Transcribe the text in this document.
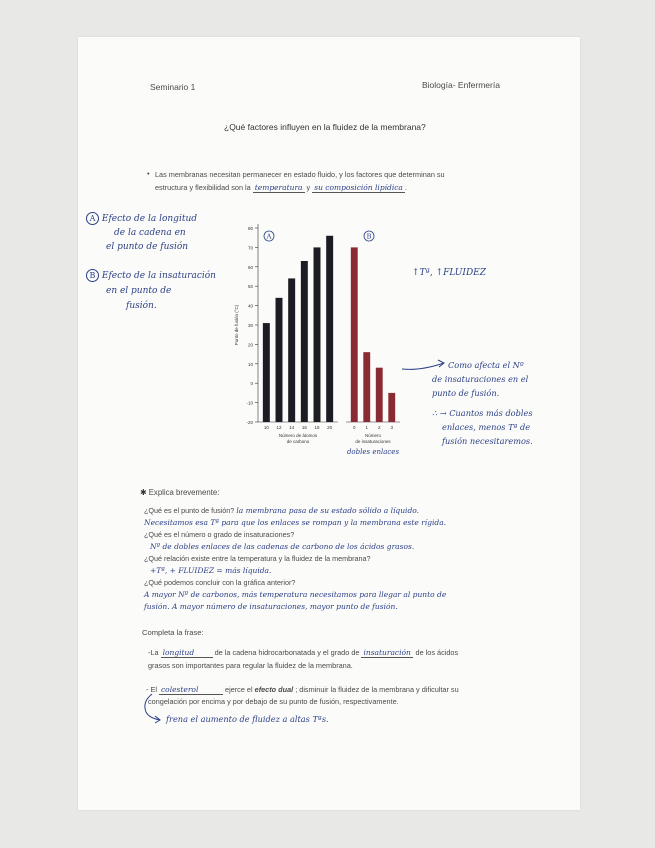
Seminario 1	Biología- Enfermería
¿Qué factores influyen en la fluidez de la membrana?
• Las membranas necesitan permanecer en estado fluido, y los factores que determinan su
estructura y flexibilidad son la temperatura y su composición lipídica .
A Efecto de la longitud
de la cadena en
el punto de fusión
B Efecto de la insaturación
en el punto de
fusión.
80
70
60
50
40
30
20
10
0
-10
-20
Punto de fusión (°C)
10 12 14 16 18 20
Número de átomos
de carbono
A
0 1 2 3
Número
de insaturaciones
B
dobles enlaces
↑Tª, ↑FLUIDEZ
Como afecta el Nº
de insaturaciones en el
punto de fusión.
∴ → Cuantos más dobles
enlaces, menos Tª de
fusión necesitaremos.
✱ Explica brevemente:
¿Qué es el punto de fusión? la membrana pasa de su estado sólido a líquido.
Necesitamos esa Tª para que los enlaces se rompan y la membrana este rígida.
¿Qué es el número o grado de insaturaciones?
Nº de dobles enlaces de las cadenas de carbono de los ácidos grasos.
¿Qué relación existe entre la temperatura y la fluidez de la membrana?
+Tª, + FLUIDEZ = más líquida.
¿Qué podemos concluir con la gráfica anterior?
A mayor Nº de carbonos, más temperatura necesitamos para llegar al punto de
fusión. A mayor número de insaturaciones, mayor punto de fusión.
Completa la frase:
-La longitud	de la cadena hidrocarbonatada y el grado de insaturación de los ácidos
grasos son importantes para regular la fluidez de la membrana.
- El colesterol	ejerce el efecto dual ; disminuir la fluidez de la membrana y dificultar su
congelación por encima y por debajo de su punto de fusión, respectivamente.
frena el aumento de fluidez a altas Tªs.
